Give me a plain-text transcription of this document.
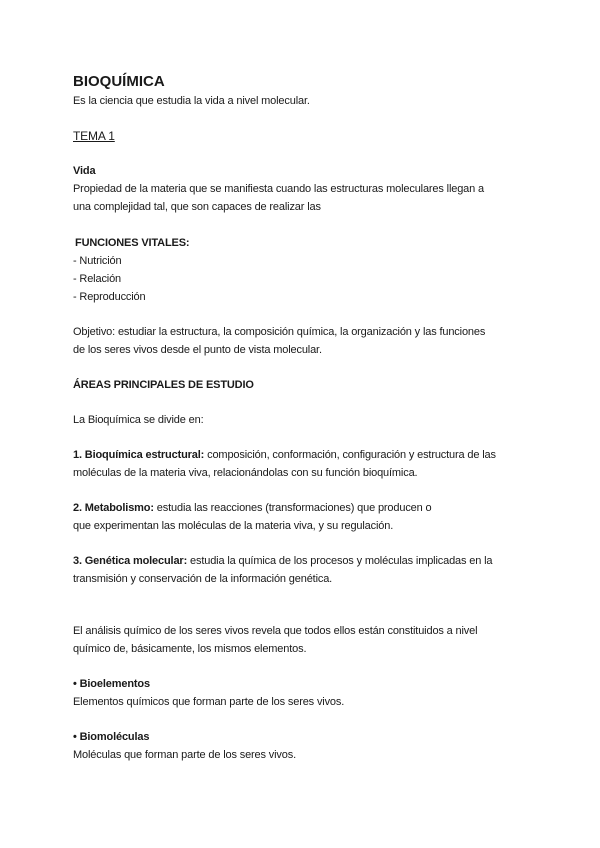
BIOQUÍMICA

Es la ciencia que estudia la vida a nivel molecular.

TEMA 1

Vida

Propiedad de la materia que se manifiesta cuando las estructuras moleculares llegan a

una complejidad tal, que son capaces de realizar las

FUNCIONES VITALES:

- Nutrición
- Relación
- Reproducción

Objetivo: estudiar la estructura, la composición química, la organización y las funciones

de los seres vivos desde el punto de vista molecular.

ÁREAS PRINCIPALES DE ESTUDIO

La Bioquímica se divide en:

1. Bioquímica estructural: composición, conformación, configuración y estructura de las

moléculas de la materia viva, relacionándolas con su función bioquímica.

2. Metabolismo: estudia las reacciones (transformaciones) que producen o

que experimentan las moléculas de la materia viva, y su regulación.

3. Genética molecular: estudia la química de los procesos y moléculas implicadas en la

transmisión y conservación de la información genética.

El análisis químico de los seres vivos revela que todos ellos están constituidos a nivel

químico de, básicamente, los mismos elementos.

• Bioelementos

Elementos químicos que forman parte de los seres vivos.

• Biomoléculas

Moléculas que forman parte de los seres vivos.
